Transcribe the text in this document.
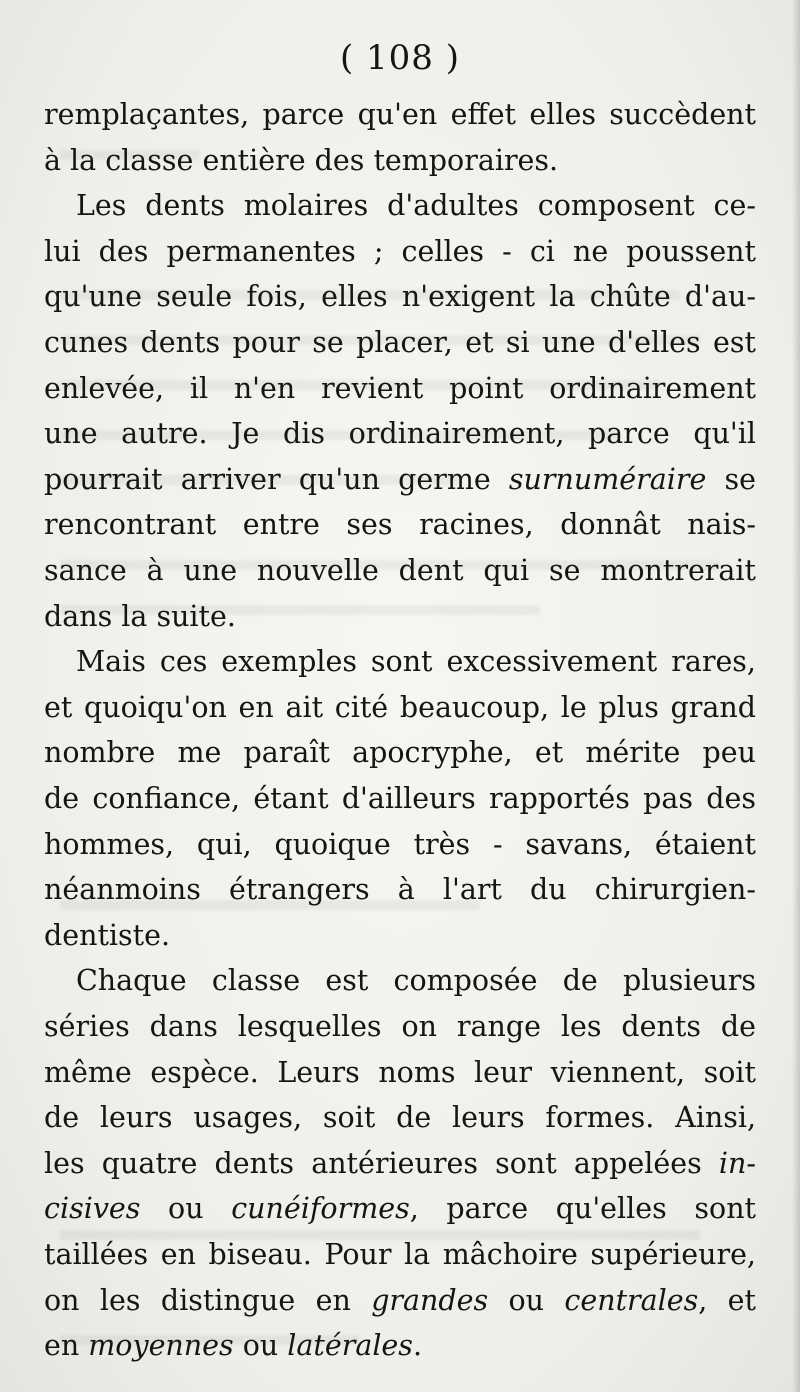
( 108 )
remplaçantes, parce qu'en effet elles succèdent
à la classe entière des temporaires.
Les dents molaires d'adultes composent ce-
lui des permanentes ; celles - ci ne poussent
qu'une seule fois, elles n'exigent la chûte d'au-
cunes dents pour se placer, et si une d'elles est
enlevée, il n'en revient point ordinairement
une autre. Je dis ordinairement, parce qu'il
pourrait arriver qu'un germe surnuméraire se
rencontrant entre ses racines, donnât nais-
sance à une nouvelle dent qui se montrerait
dans la suite.
Mais ces exemples sont excessivement rares,
et quoiqu'on en ait cité beaucoup, le plus grand
nombre me paraît apocryphe, et mérite peu
de confiance, étant d'ailleurs rapportés pas des
hommes, qui, quoique très - savans, étaient
néanmoins étrangers à l'art du chirurgien-
dentiste.
Chaque classe est composée de plusieurs
séries dans lesquelles on range les dents de
même espèce. Leurs noms leur viennent, soit
de leurs usages, soit de leurs formes. Ainsi,
les quatre dents antérieures sont appelées in-
cisives ou cunéiformes, parce qu'elles sont
taillées en biseau. Pour la mâchoire supérieure,
on les distingue en grandes ou centrales, et
en moyennes ou latérales.
